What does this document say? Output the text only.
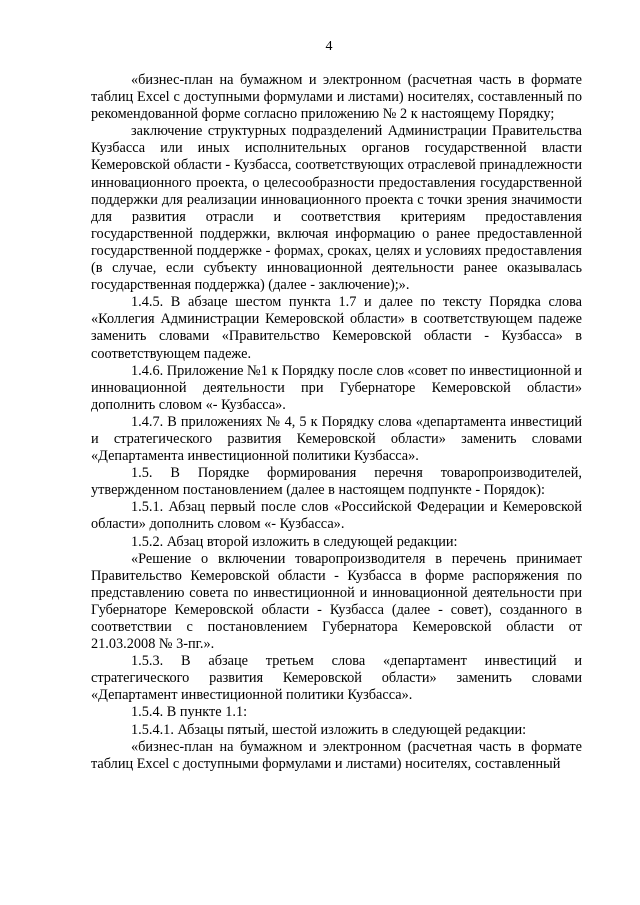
4

«бизнес-план на бумажном и электронном (расчетная часть в формате таблиц Excel с доступными формулами и листами) носителях, составленный по рекомендованной форме согласно приложению № 2 к настоящему Порядку;

заключение структурных подразделений Администрации Правительства Кузбасса или иных исполнительных органов государственной власти Кемеровской области - Кузбасса, соответствующих отраслевой принадлежности инновационного проекта, о целесообразности предоставления государственной поддержки для реализации инновационного проекта с точки зрения значимости для развития отрасли и соответствия критериям предоставления государственной поддержки, включая информацию о ранее предоставленной государственной поддержке - формах, сроках, целях и условиях предоставления (в случае, если субъекту инновационной деятельности ранее оказывалась государственная поддержка) (далее - заключение);».

1.4.5. В абзаце шестом пункта 1.7 и далее по тексту Порядка слова «Коллегия Администрации Кемеровской области» в соответствующем падеже заменить словами «Правительство Кемеровской области - Кузбасса» в соответствующем падеже.

1.4.6. Приложение №1 к Порядку после слов «совет по инвестиционной и инновационной деятельности при Губернаторе Кемеровской области» дополнить словом «- Кузбасса».

1.4.7. В приложениях № 4, 5 к Порядку слова «департамента инвестиций и стратегического развития Кемеровской области» заменить словами «Департамента инвестиционной политики Кузбасса».

1.5. В Порядке формирования перечня товаропроизводителей, утвержденном постановлением (далее в настоящем подпункте - Порядок):

1.5.1. Абзац первый после слов «Российской Федерации и Кемеровской области» дополнить словом «- Кузбасса».

1.5.2. Абзац второй изложить в следующей редакции:

«Решение о включении товаропроизводителя в перечень принимает Правительство Кемеровской области - Кузбасса в форме распоряжения по представлению совета по инвестиционной и инновационной деятельности при Губернаторе Кемеровской области - Кузбасса (далее - совет), созданного в соответствии с постановлением Губернатора Кемеровской области от 21.03.2008 № 3-пг.».

1.5.3. В абзаце третьем слова «департамент инвестиций и стратегического развития Кемеровской области» заменить словами «Департамент инвестиционной политики Кузбасса».

1.5.4. В пункте 1.1:

1.5.4.1. Абзацы пятый, шестой изложить в следующей редакции:

«бизнес-план на бумажном и электронном (расчетная часть в формате таблиц Excel с доступными формулами и листами) носителях, составленный
